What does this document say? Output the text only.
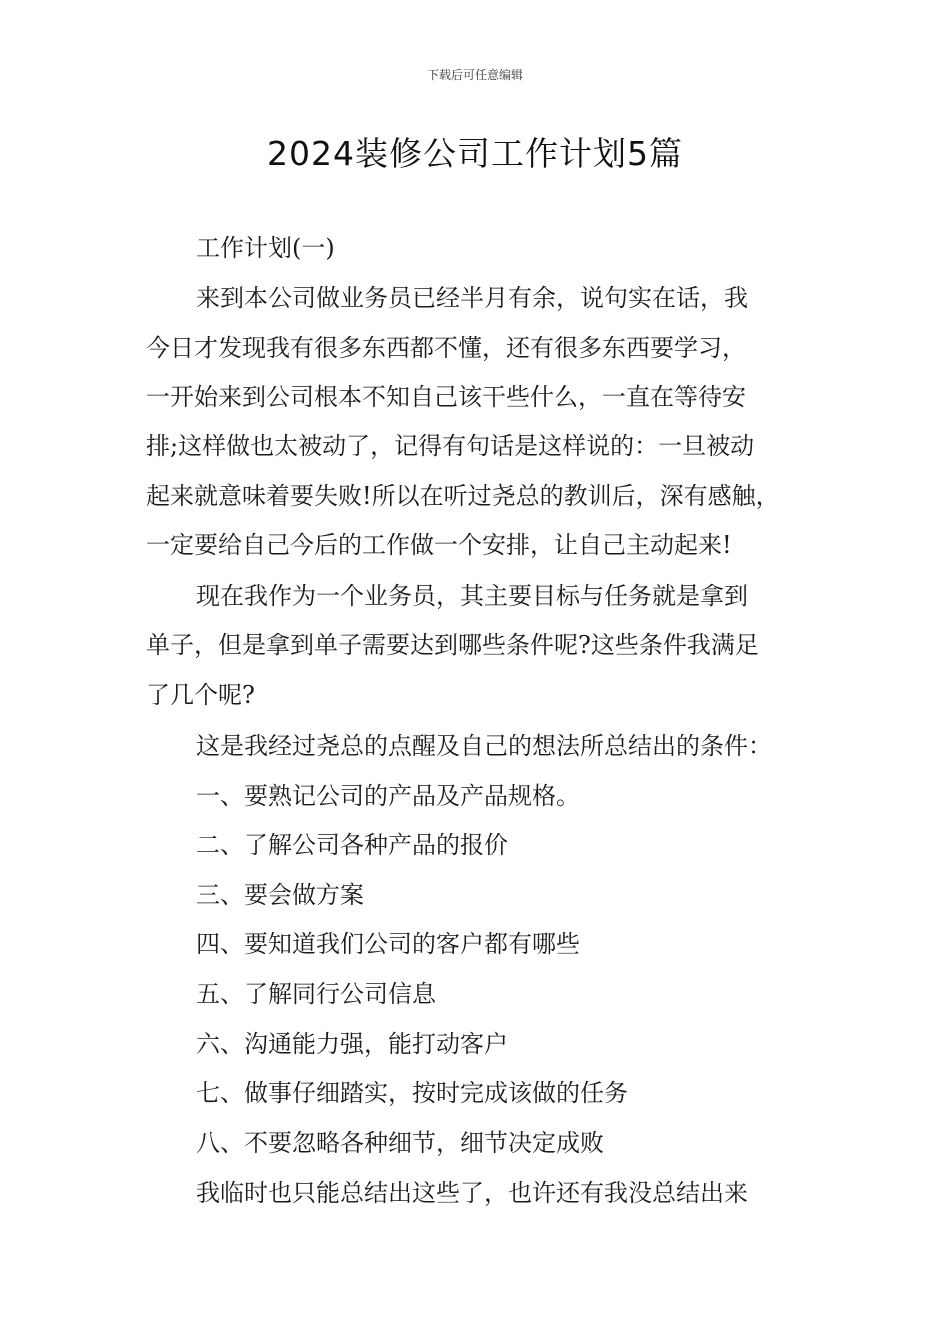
下载后可任意编辑
2024装修公司工作计划5篇

工作计划(一)

来到本公司做业务员已经半月有余，说句实在话，我

今日才发现我有很多东西都不懂，还有很多东西要学习，

一开始来到公司根本不知自己该干些什么，一直在等待安

排;这样做也太被动了，记得有句话是这样说的：一旦被动

起来就意味着要失败!所以在听过尧总的教训后，深有感触，

一定要给自己今后的工作做一个安排，让自己主动起来!

现在我作为一个业务员，其主要目标与任务就是拿到

单子，但是拿到单子需要达到哪些条件呢?这些条件我满足

了几个呢?

这是我经过尧总的点醒及自己的想法所总结出的条件：

一、要熟记公司的产品及产品规格。

二、了解公司各种产品的报价

三、要会做方案

四、要知道我们公司的客户都有哪些

五、了解同行公司信息

六、沟通能力强，能打动客户

七、做事仔细踏实，按时完成该做的任务

八、不要忽略各种细节，细节决定成败

我临时也只能总结出这些了，也许还有我没总结出来
